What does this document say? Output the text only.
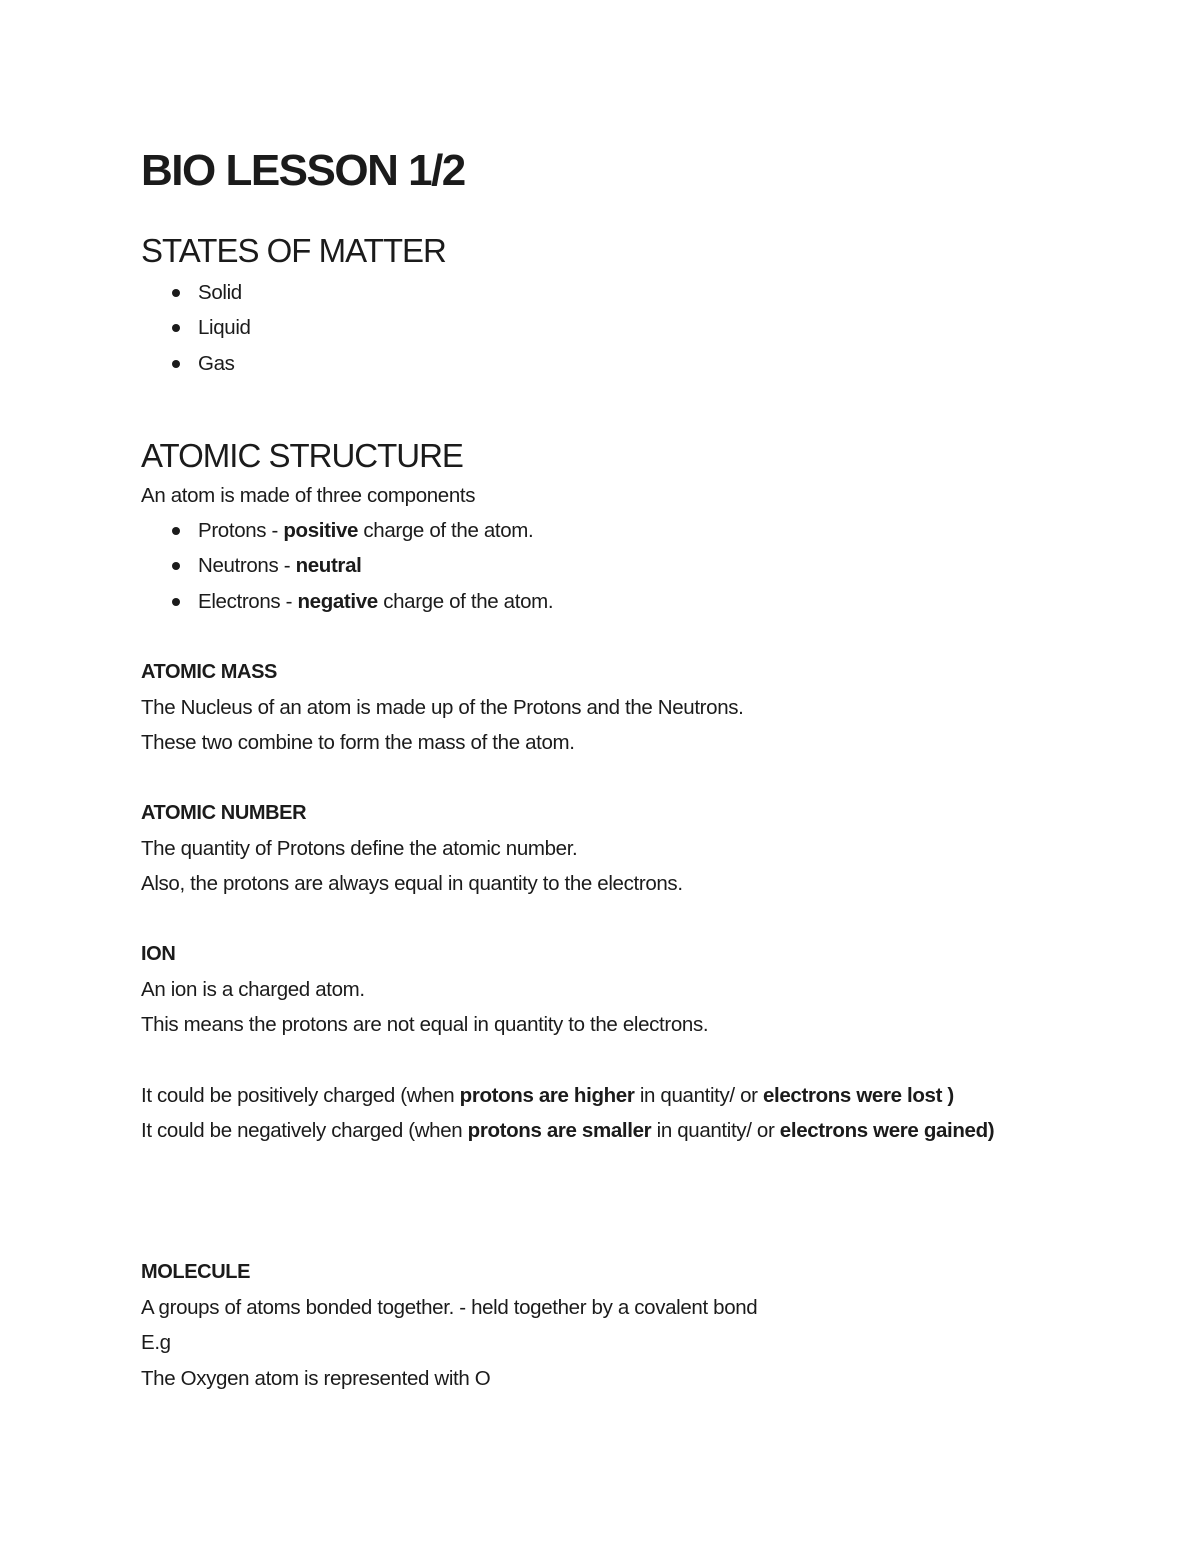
BIO LESSON 1/2
STATES OF MATTER
Solid
Liquid
Gas
ATOMIC STRUCTURE

An atom is made of three components

Protons - positive charge of the atom.
Neutrons - neutral
Electrons - negative charge of the atom.
ATOMIC MASS

The Nucleus of an atom is made up of the Protons and the Neutrons.
These two combine to form the mass of the atom.

ATOMIC NUMBER

The quantity of Protons define the atomic number.
Also, the protons are always equal in quantity to the electrons.

ION

An ion is a charged atom.
This means the protons are not equal in quantity to the electrons.

It could be positively charged (when protons are higher in quantity/ or electrons were lost )
It could be negatively charged (when protons are smaller in quantity/ or electrons were gained)

MOLECULE

A groups of atoms bonded together. - held together by a covalent bond
E.g
The Oxygen atom is represented with O
